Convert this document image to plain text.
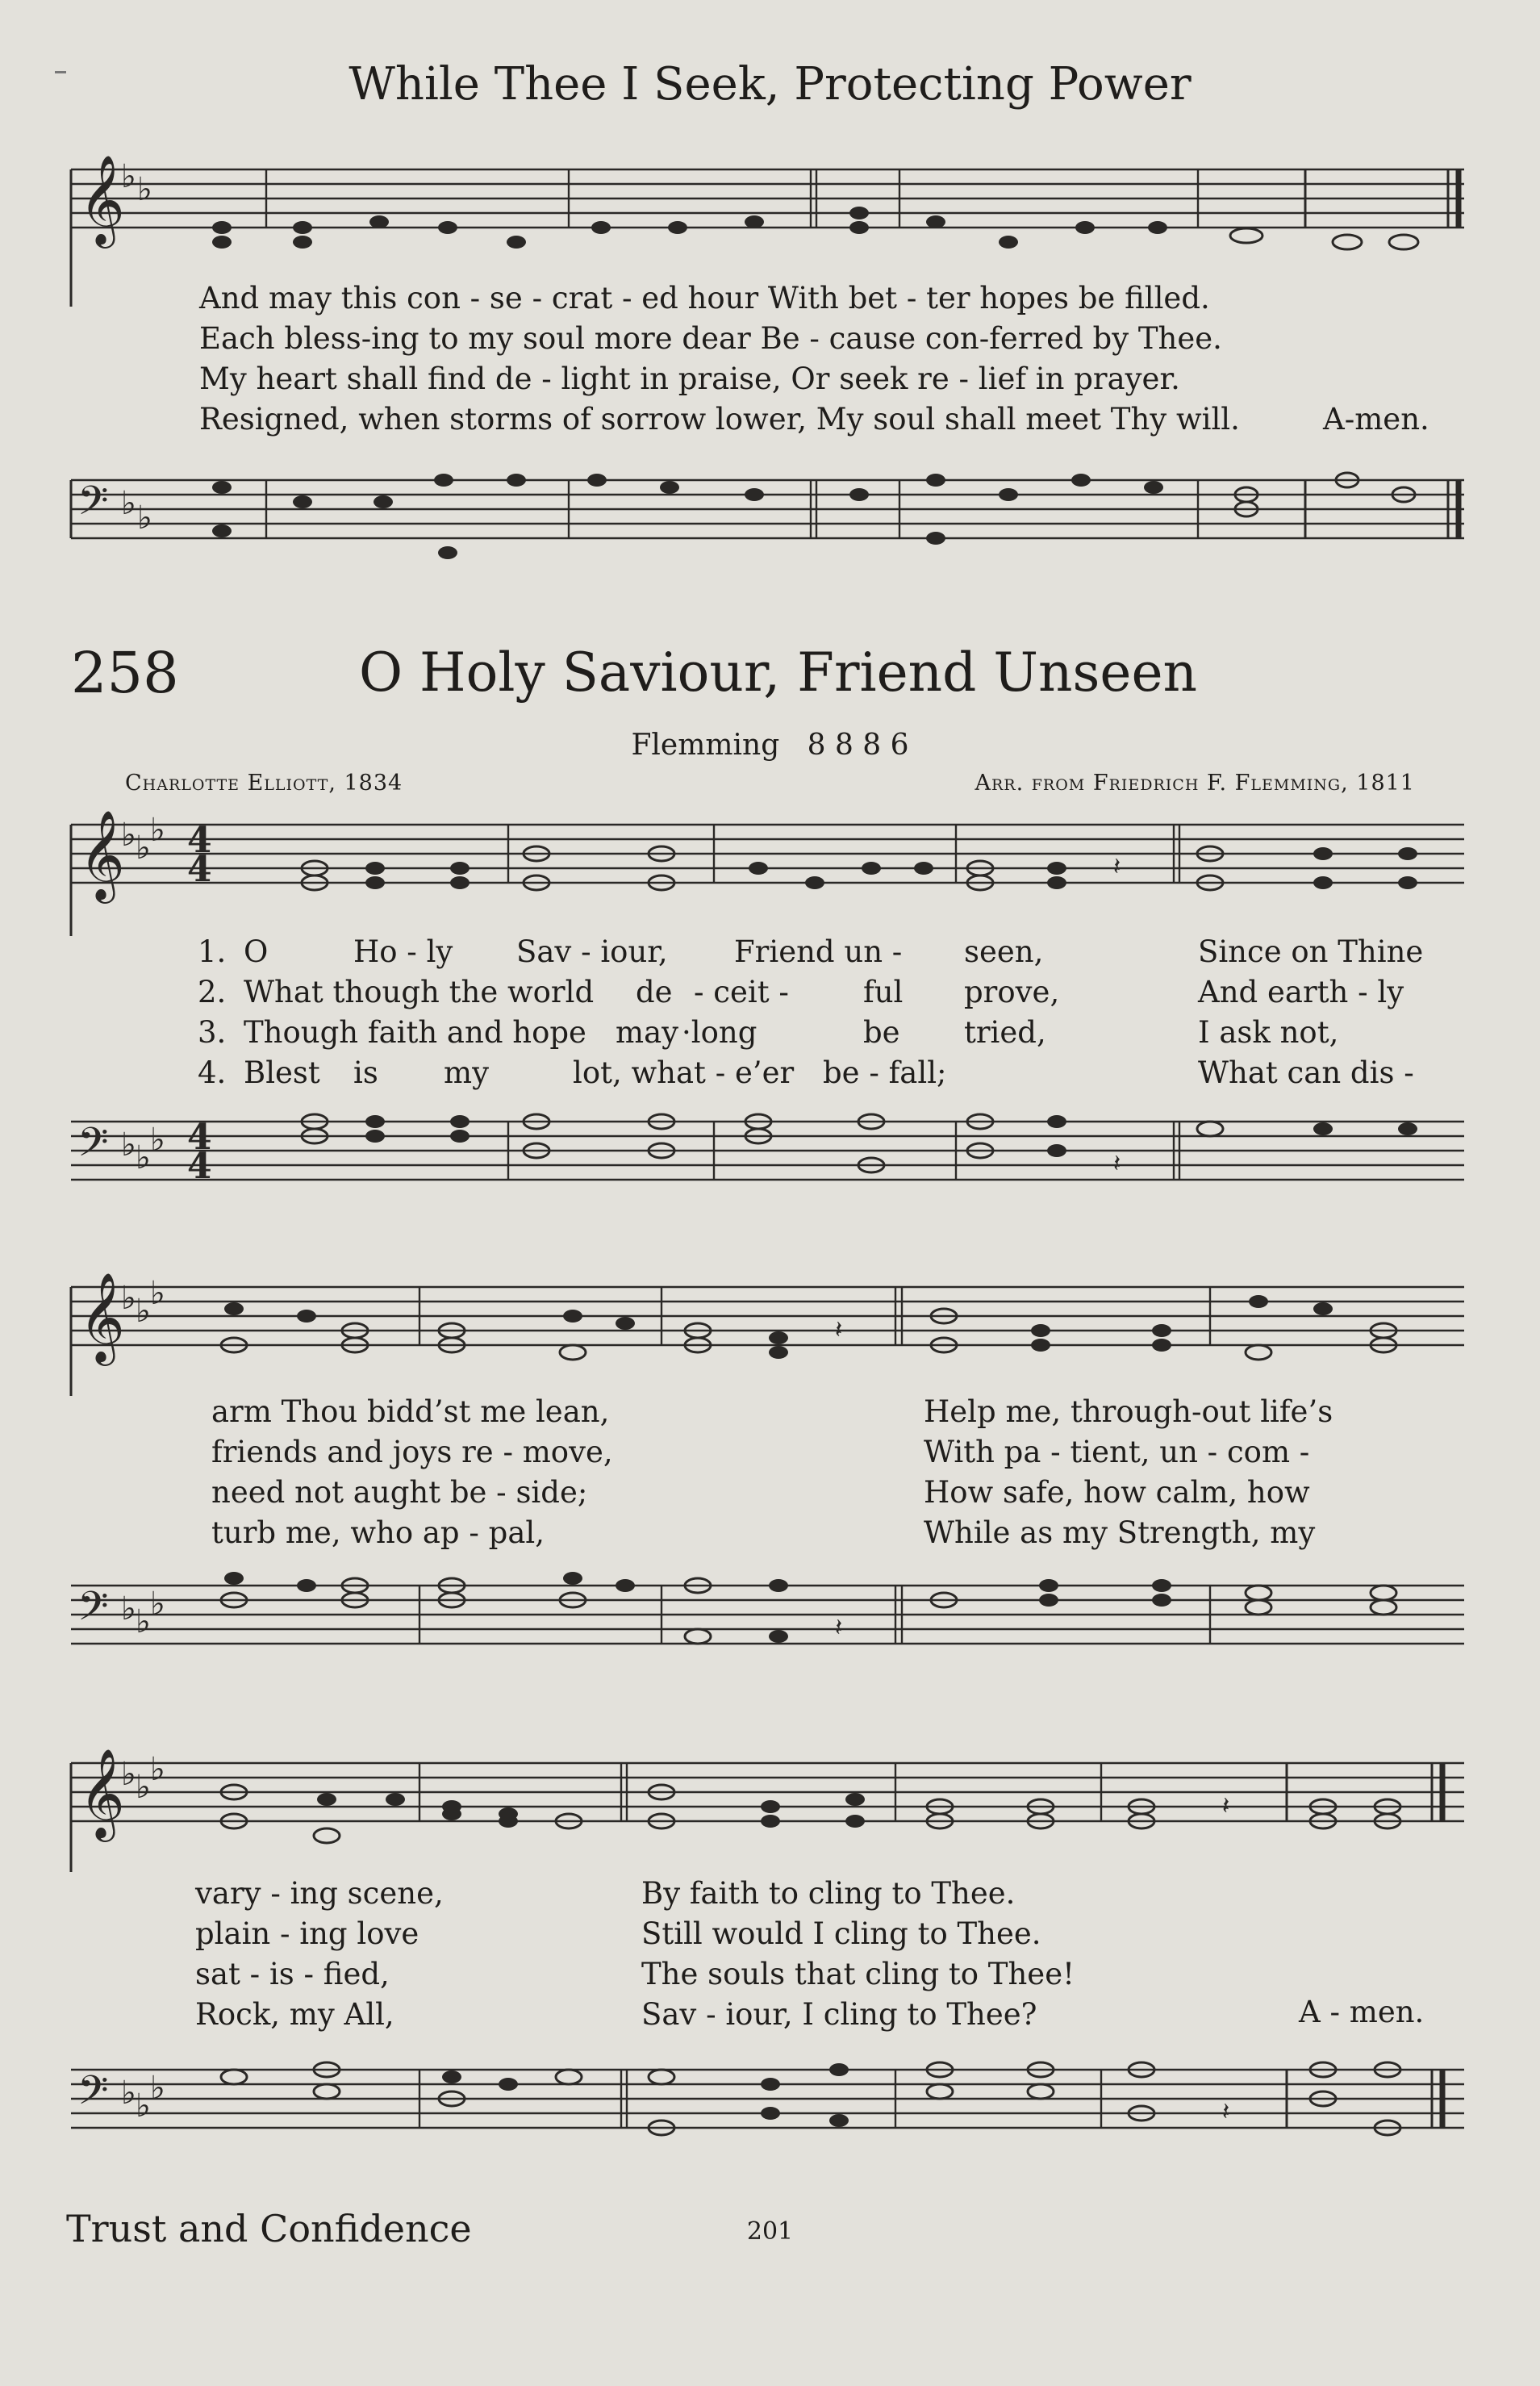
While Thee I Seek, Protecting Power
𝄞
♭ ♭
And may this con - se - crat - ed hour With bet - ter hopes be filled.
Each bless-ing to my soul more dear Be - cause con-ferred by Thee.
My heart shall find de - light in praise, Or seek re - lief in prayer.
Resigned, when storms of sorrow lower, My soul shall meet Thy will.	A-men.
𝄢 ♭ ♭
258	O Holy Saviour, Friend Unseen
Flemming 8 8 8 6
Charlotte Elliott, 1834	Arr. from Friedrich F. Flemming, 1811
𝄞
♭ ♭ ♭ 4
4	𝄽
1.
2.
3.
4.
O
What though the world
Though faith and hope
Blest
Ho - ly
de
may
is
Sav - iour,
- ceit -
·long
my
Friend un -
ful
be
lot, what - e’er
seen,
prove,
tried,
be - fall;
Since on Thine
And earth - ly
I ask not,
What can dis -
𝄢 ♭ ♭ ♭ 4
4	𝄽
𝄞
♭ ♭ ♭
𝄽
arm Thou bidd’st me lean,
friends and joys re - move,
need not aught be - side;
turb me, who ap - pal,
Help me, through-out life’s
With pa - tient, un - com -
How safe, how calm, how
While as my Strength, my
𝄢 ♭ ♭ ♭
𝄽
𝄞
♭ ♭ ♭
𝄽
vary - ing scene,
plain - ing love
sat - is - fied,
Rock, my All,
By faith to cling to Thee.
Still would I cling to Thee.
The souls that cling to Thee!
Sav - iour, I cling to Thee?	A - men.
𝄢 ♭ ♭ ♭
𝄽
Trust and Confidence	201
